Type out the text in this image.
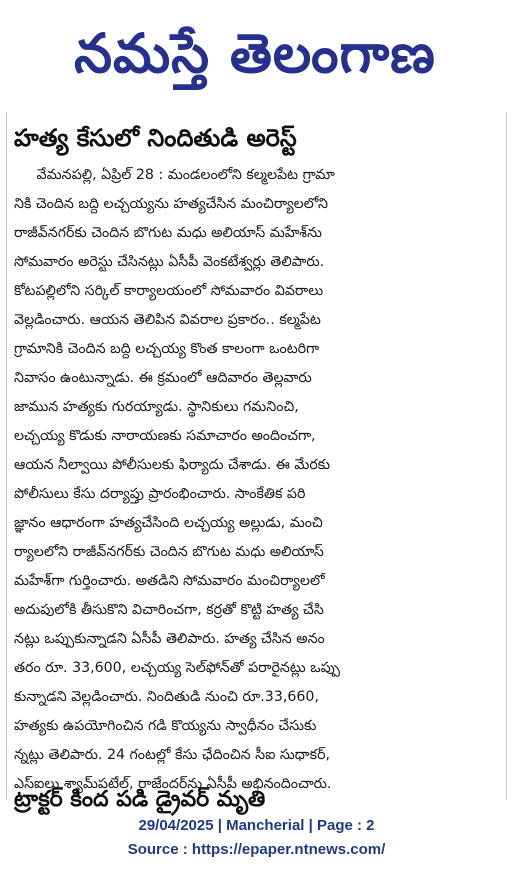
నమస్తే తెలంగాణ
హత్య కేసులో నిందితుడి అరెస్ట్
వేమనపల్లి, ఏప్రిల్ 28 : మండలంలోని కల్మలపేట గ్రామా
నికి చెందిన బద్ది లచ్చయ్యను హత్యచేసిన మంచిర్యాలలోని
రాజీవ్‌నగర్‌కు చెందిన బొగుట మధు అలియాస్ మహేశ్‌ను
సోమవారం అరెస్టు చేసినట్లు ఏసీపీ వెంకటేశ్వర్లు తెలిపారు.
కోటపల్లిలోని సర్కిల్ కార్యాలయంలో సోమవారం వివరాలు
వెల్లడించారు. ఆయన తెలిపిన వివరాల ప్రకారం.. కల్మపేట
గ్రామానికి చెందిన బద్ది లచ్చయ్య కొంత కాలంగా ఒంటరిగా
నివాసం ఉంటున్నాడు. ఈ క్రమంలో ఆదివారం తెల్లవారు
జామున హత్యకు గురయ్యాడు. స్థానికులు గమనించి,
లచ్చయ్య కొడుకు నారాయణకు సమాచారం అందించగా,
ఆయన నీల్వాయి పోలీసులకు ఫిర్యాదు చేశాడు. ఈ మేరకు
పోలీసులు కేసు దర్యాప్తు ప్రారంభించారు. సాంకేతిక పరి
జ్ఞానం ఆధారంగా హత్యచేసింది లచ్చయ్య అల్లుడు, మంచి
ర్యాలలోని రాజీవ్‌నగర్‌కు చెందిన బొగుట మధు అలియాస్
మహేశ్‌గా గుర్తించారు. అతడిని సోమవారం మంచిర్యాలలో
అదుపులోకి తీసుకొని విచారించగా, కర్రతో కొట్టి హత్య చేసి
నట్లు ఒప్పుకున్నాడని ఏసీపీ తెలిపారు. హత్య చేసిన అనం
తరం రూ. 33,600, లచ్చయ్య సెల్‌ఫోన్‌తో పరారైనట్లు ఒప్పు
కున్నాడని వెల్లడించారు. నిందితుడి నుంచి రూ.33,660,
హత్యకు ఉపయోగించిన గడి కొయ్యను స్వాధీనం చేసుకు
న్నట్లు తెలిపారు. 24 గంటల్లో కేసు ఛేదించిన సీఐ సుధాకర్,
ఎస్ఐలు శ్యామ్‌పటేల్, రాజేందర్‌ను ఏసీపీ అభినందించారు.
ట్రాక్టర్ కింద పడి డ్రైవర్ మృతి
29/04/2025 | Mancherial | Page : 2
Source : https://epaper.ntnews.com/
